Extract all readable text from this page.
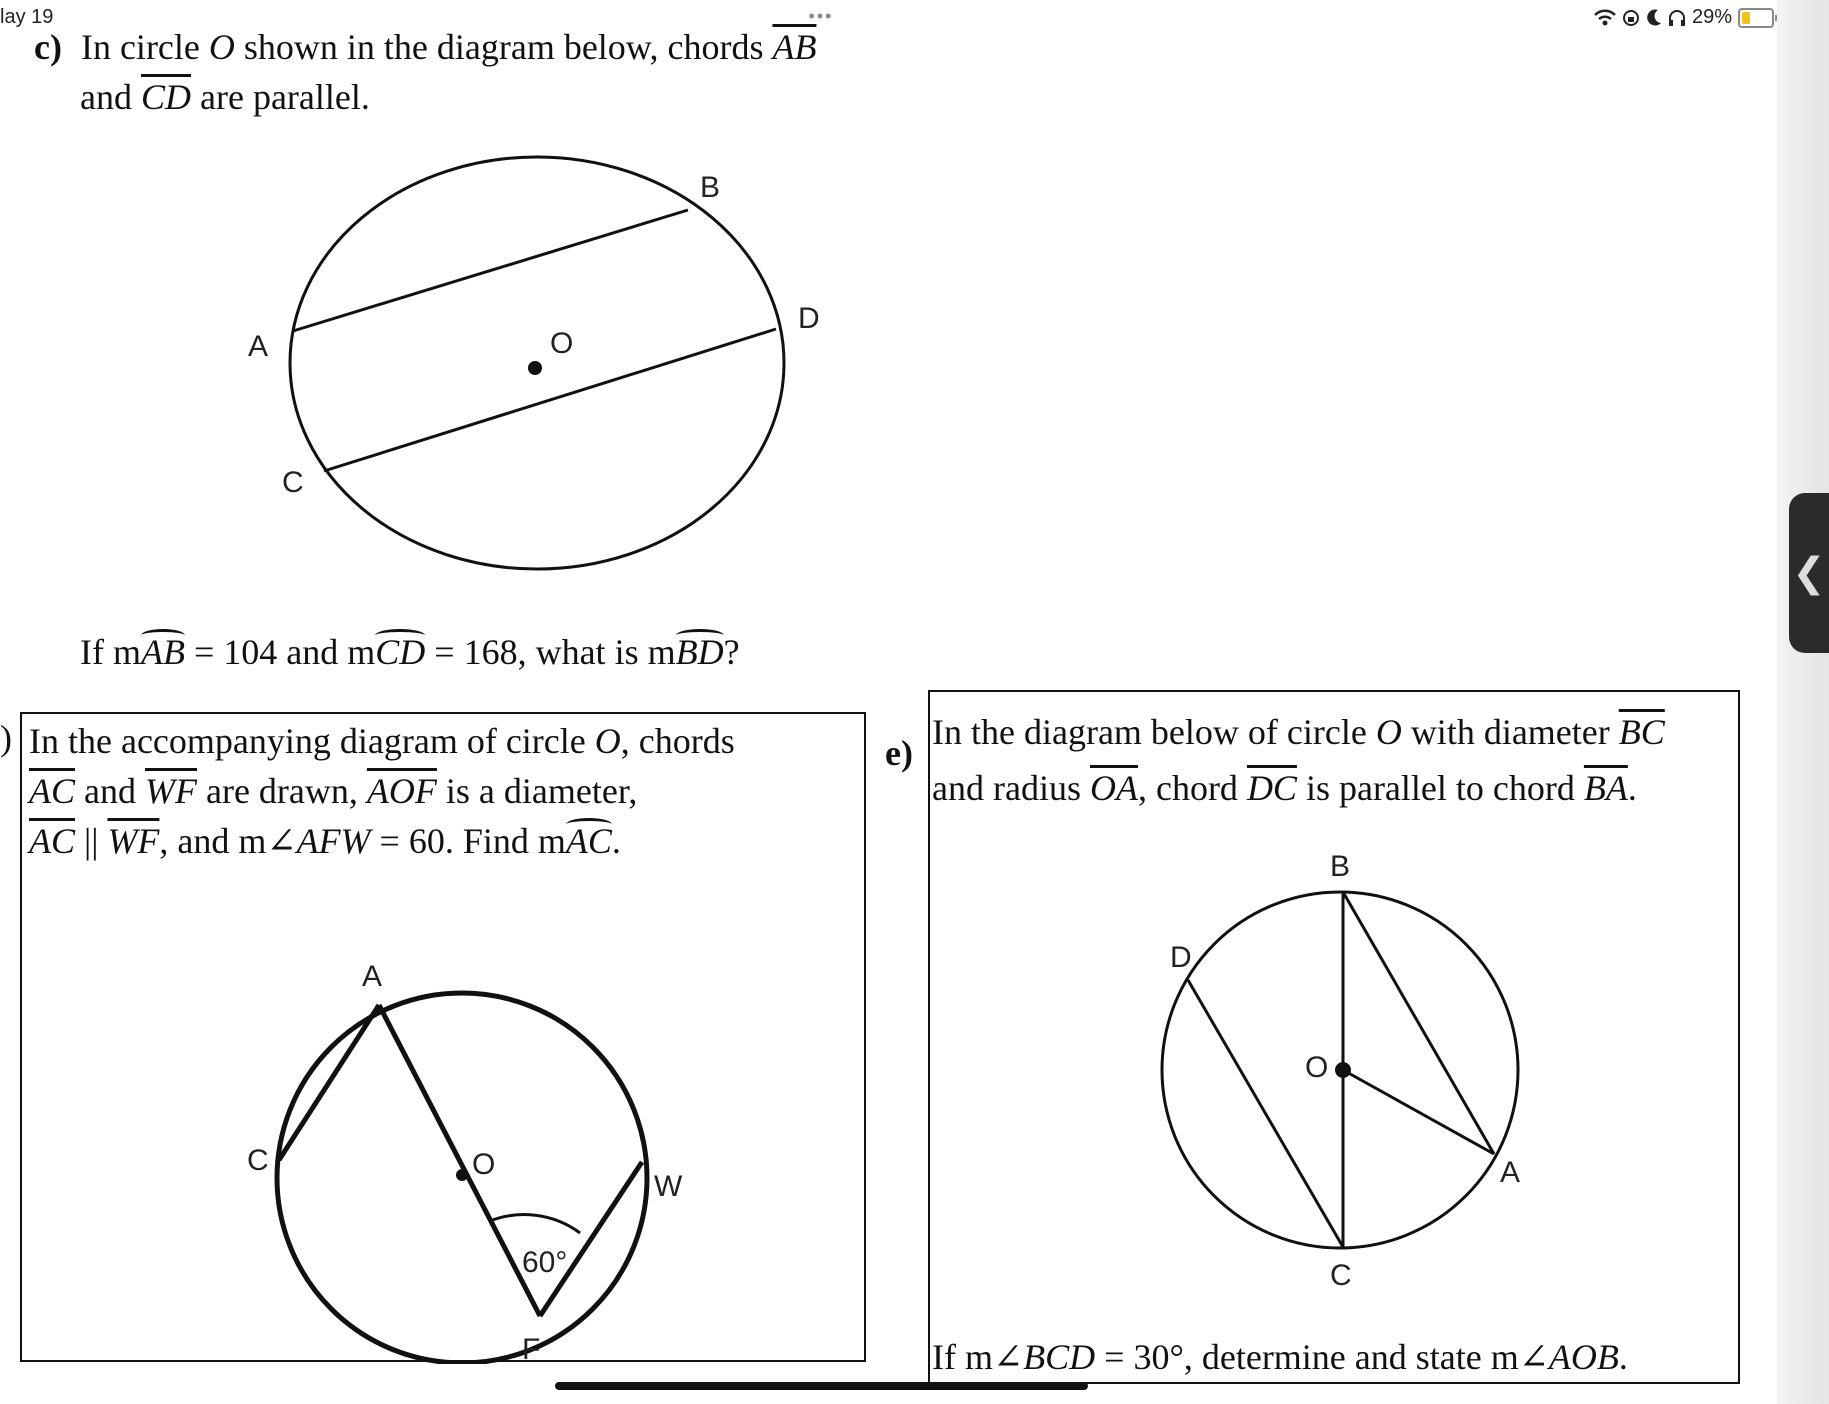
lay 19	•••	29%
c) In circle O shown in the diagram below, chords $\overline{AB}$
and $\overline{CD}$ are parallel.
B
A
D
O
C
If mAB = 104 and mCD = 168, what is mBD?
) In the accompanying diagram of circle O, chords
$\overline{AC}$ and $\overline{WF}$ are drawn, $\overline{AOF}$ is a diameter,
$\overline{AC}$ || $\overline{WF}$, and m∠AFW = 60. Find mAC.
A
C	O
W
F
60°
e)
In the diagram below of circle O with diameter $\overline{BC}$
and radius $\overline{OA}$, chord $\overline{DC}$ is parallel to chord $\overline{BA}$.
B
D
O
A
C
If m∠BCD = 30°, determine and state m∠AOB.
❮
